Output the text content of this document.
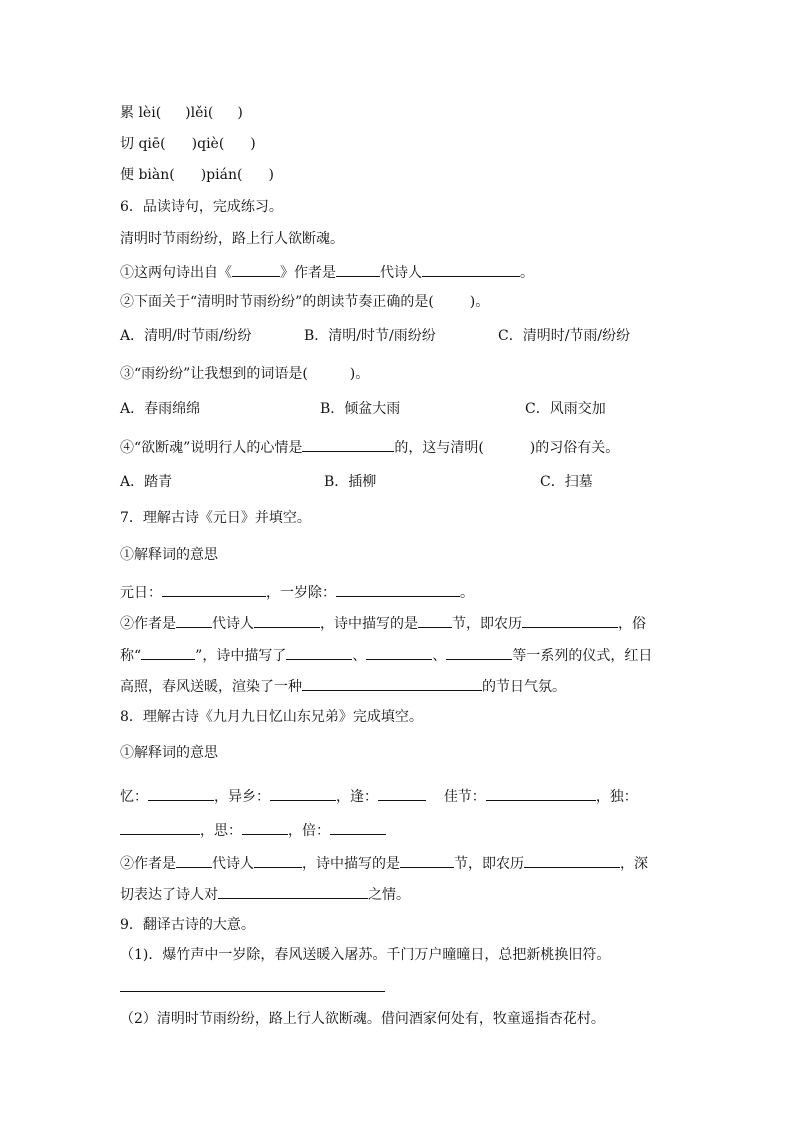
累 lèi( )lěi( )
切 qiē( )qiè( )
便 biàn( )pián( )
6．品读诗句，完成练习。
清明时节雨纷纷，路上行人欲断魂。
①这两句诗出自《	》作者是	代诗人	。
②下面关于“清明时节雨纷纷”的朗读节奏正确的是(	)。
A．清明/时节雨/纷纷	B．清明/时节/雨纷纷	C．清明时/节雨/纷纷
③“雨纷纷”让我想到的词语是(	)。
A．春雨绵绵	B．倾盆大雨	C．风雨交加
④“欲断魂”说明行人的心情是	的，这与清明(	)的习俗有关。
A．踏青	B．插柳	C．扫墓
7．理解古诗《元日》并填空。
①解释词的意思
元日：	，一岁除：	。
②作者是	代诗人	，诗中描写的是 节，即农历	，俗
称“	”，诗中描写了	、	、	等一系列的仪式，红日
高照，春风送暖，渲染了一种	的节日气氛。
8．理解古诗《九月九日忆山东兄弟》完成填空。
①解释词的意思
忆：	，异乡：	，逢：	佳节：	，独：
，思：	，倍：
②作者是	代诗人	，诗中描写的是	节，即农历	，深
切表达了诗人对	之情。
9．翻译古诗的大意。
（1)．爆竹声中一岁除，春风送暖入屠苏。千门万户曈曈日，总把新桃换旧符。
（2）清明时节雨纷纷，路上行人欲断魂。借问酒家何处有，牧童遥指杏花村。
